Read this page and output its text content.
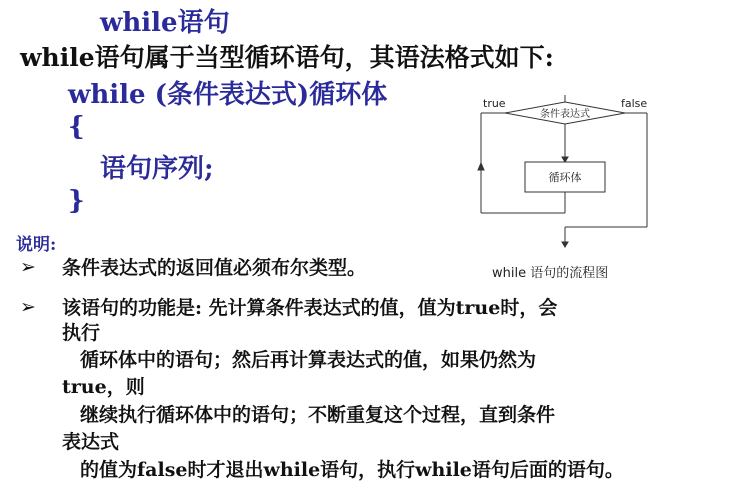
while语句
while语句属于当型循环语句，其语法格式如下:
while (条件表达式)循环体
{
语句序列;
}
说明:
➢ 条件表达式的返回值必须布尔类型。
➢ 该语句的功能是: 先计算条件表达式的值，值为true时，会
执行
循环体中的语句；然后再计算表达式的值，如果仍然为
true，则
继续执行循环体中的语句；不断重复这个过程，直到条件
表达式
的值为false时才退出while语句，执行while语句后面的语句。
true	false
条件表达式
循环体
while 语句的流程图
